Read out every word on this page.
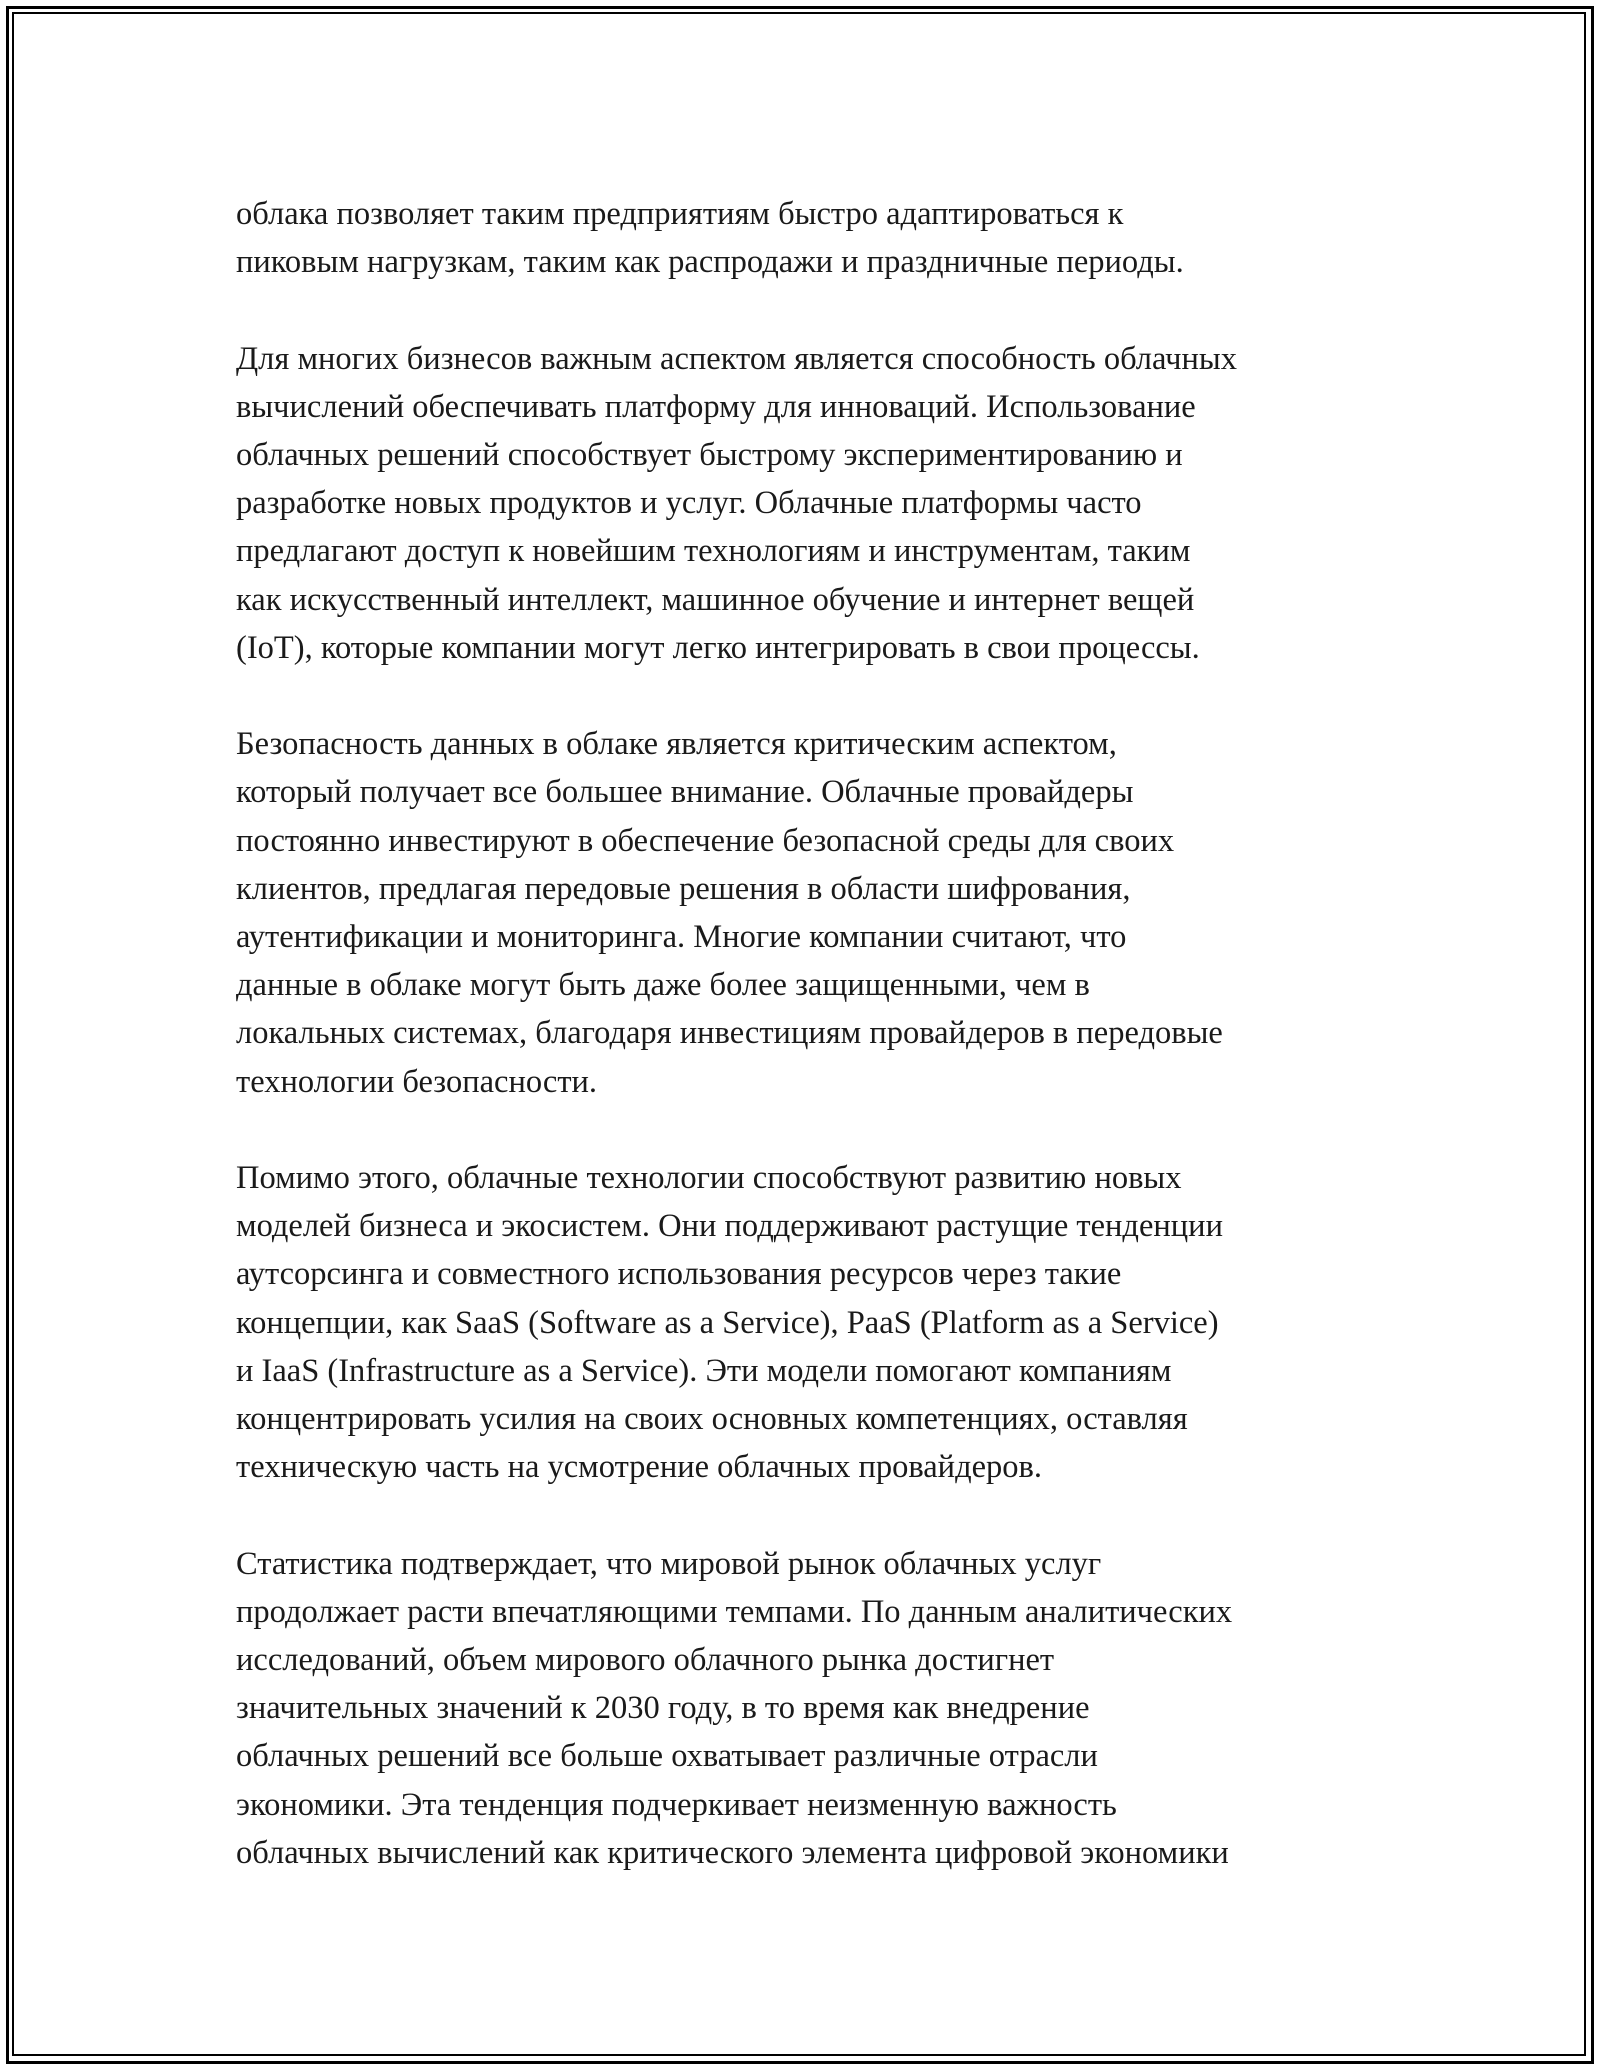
облака позволяет таким предприятиям быстро адаптироваться к
пиковым нагрузкам, таким как распродажи и праздничные периоды.

Для многих бизнесов важным аспектом является способность облачных
вычислений обеспечивать платформу для инноваций. Использование
облачных решений способствует быстрому экспериментированию и
разработке новых продуктов и услуг. Облачные платформы часто
предлагают доступ к новейшим технологиям и инструментам, таким
как искусственный интеллект, машинное обучение и интернет вещей
(IoT), которые компании могут легко интегрировать в свои процессы.

Безопасность данных в облаке является критическим аспектом,
который получает все большее внимание. Облачные провайдеры
постоянно инвестируют в обеспечение безопасной среды для своих
клиентов, предлагая передовые решения в области шифрования,
аутентификации и мониторинга. Многие компании считают, что
данные в облаке могут быть даже более защищенными, чем в
локальных системах, благодаря инвестициям провайдеров в передовые
технологии безопасности.

Помимо этого, облачные технологии способствуют развитию новых
моделей бизнеса и экосистем. Они поддерживают растущие тенденции
аутсорсинга и совместного использования ресурсов через такие
концепции, как SaaS (Software as a Service), PaaS (Platform as a Service)
и IaaS (Infrastructure as a Service). Эти модели помогают компаниям
концентрировать усилия на своих основных компетенциях, оставляя
техническую часть на усмотрение облачных провайдеров.

Статистика подтверждает, что мировой рынок облачных услуг
продолжает расти впечатляющими темпами. По данным аналитических
исследований, объем мирового облачного рынка достигнет
значительных значений к 2030 году, в то время как внедрение
облачных решений все больше охватывает различные отрасли
экономики. Эта тенденция подчеркивает неизменную важность
облачных вычислений как критического элемента цифровой экономики
